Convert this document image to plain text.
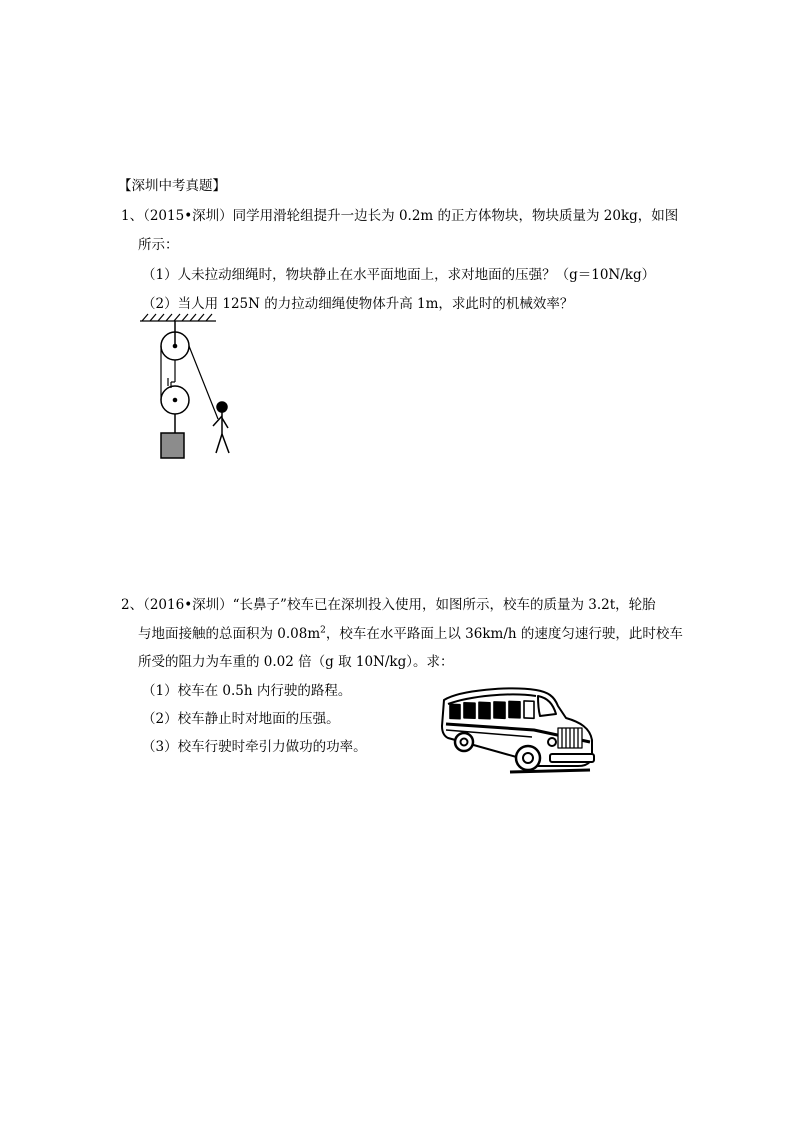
【深圳中考真题】
1、（2015•深圳）同学用滑轮组提升一边长为 0.2m 的正方体物块，物块质量为 20kg，如图
所示：
（1）人未拉动细绳时，物块静止在水平面地面上，求对地面的压强？（g＝10N/kg）
（2）当人用 125N 的力拉动细绳使物体升高 1m，求此时的机械效率？
2、（2016•深圳）“长鼻子”校车已在深圳投入使用，如图所示，校车的质量为 3.2t，轮胎
与地面接触的总面积为 $0.08m^2$，校车在水平路面上以 36km/h 的速度匀速行驶，此时校车
所受的阻力为车重的 0.02 倍（g 取 10N/kg）。求：
（1）校车在 0.5h 内行驶的路程。
（2）校车静止时对地面的压强。
（3）校车行驶时牵引力做功的功率。
